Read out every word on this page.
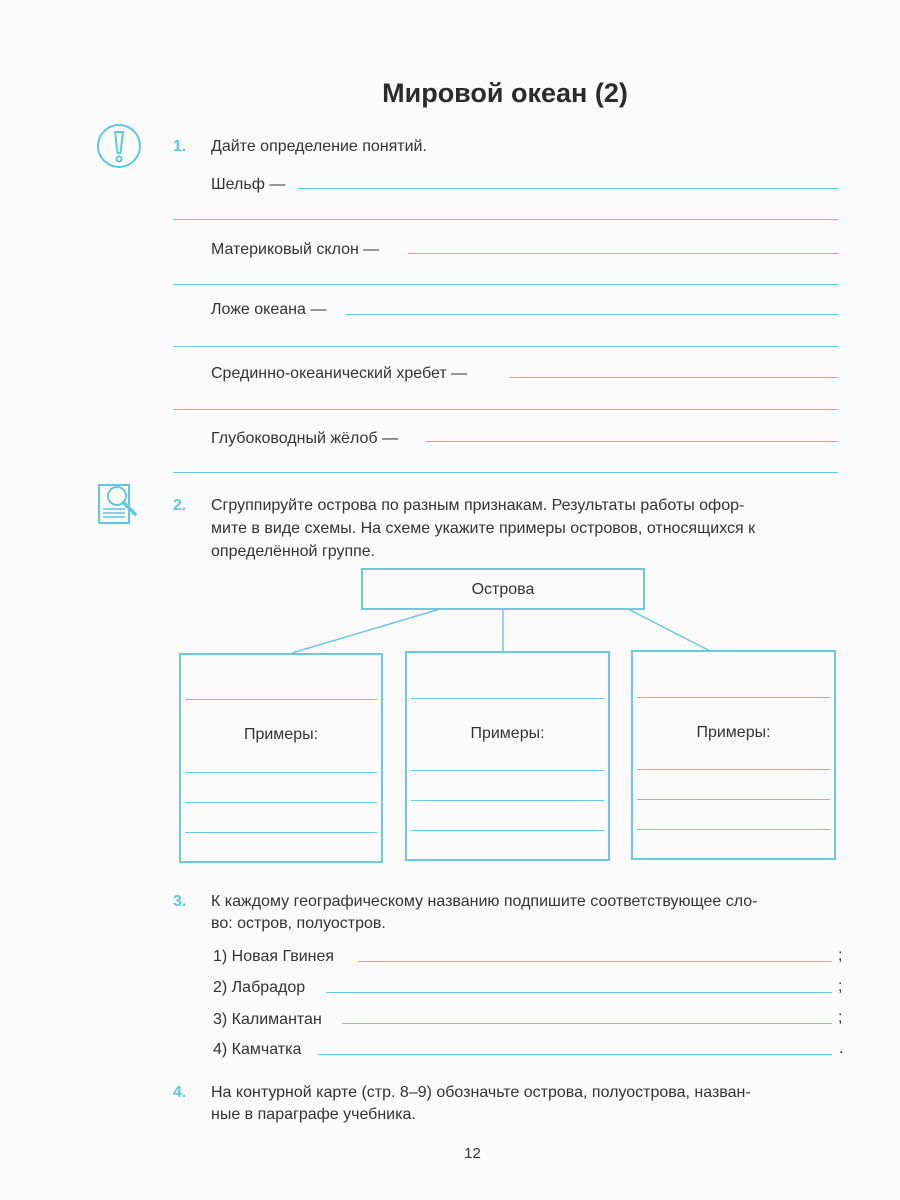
Мировой океан (2)
1. Дайте определение понятий.
Шельф —
Материковый склон —
Ложе океана —
Срединно-океанический хребет —
Глубоководный жёлоб —
2. Сгруппируйте острова по разным признакам. Результаты работы офор-
мите в виде схемы. На схеме укажите примеры островов, относящихся к
определённой группе.
Острова
Примеры:	Примеры:	Примеры:
3. К каждому географическому названию подпишите соответствующее сло-
во: остров, полуостров.
1) Новая Гвинея	;
2) Лабрадор	;
3) Калимантан	;
4) Камчатка	.
4. На контурной карте (стр. 8–9) обозначьте острова, полуострова, назван-
ные в параграфе учебника.
12
